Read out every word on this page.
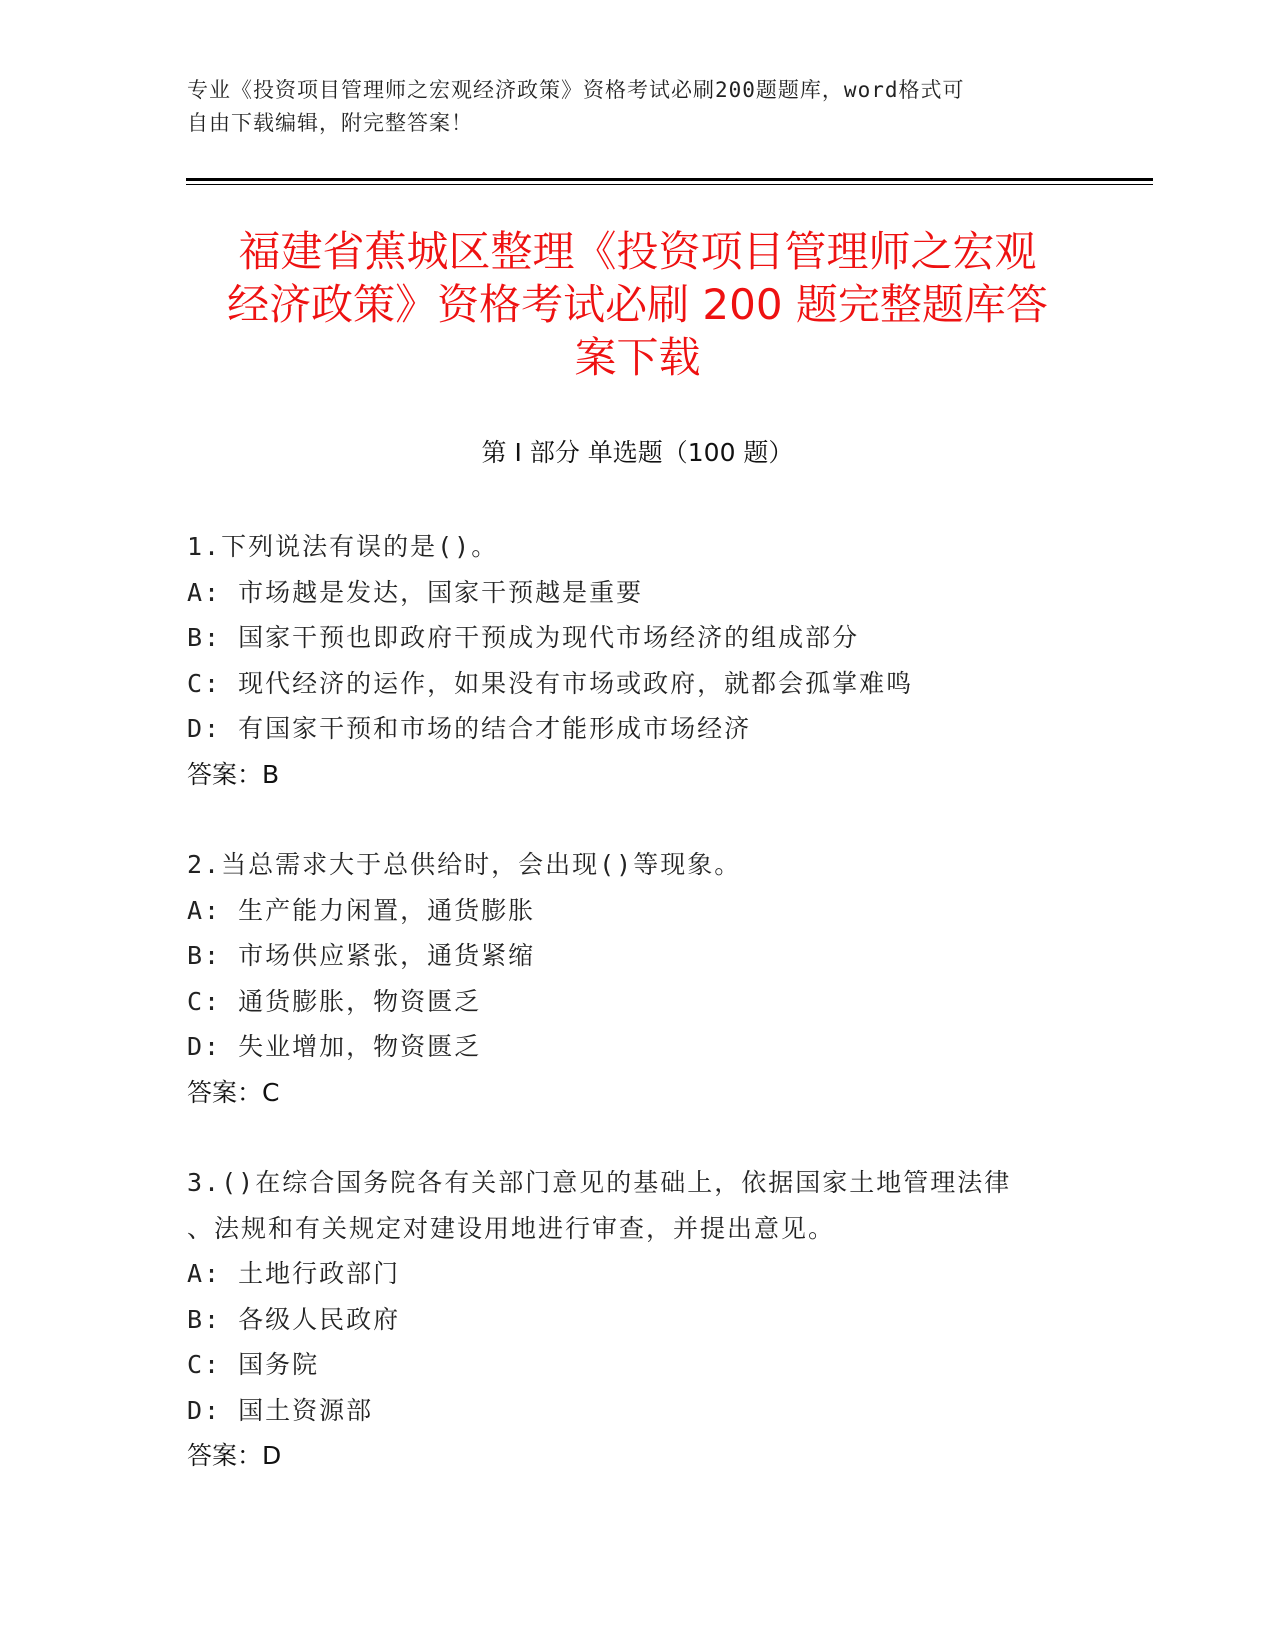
专业《投资项目管理师之宏观经济政策》资格考试必刷200题题库，word格式可
自由下载编辑，附完整答案！
福建省蕉城区整理《投资项目管理师之宏观
经济政策》资格考试必刷 200 题完整题库答
案下载
第 I 部分 单选题（100 题）
1.下列说法有误的是()。
A: 市场越是发达，国家干预越是重要
B: 国家干预也即政府干预成为现代市场经济的组成部分
C: 现代经济的运作，如果没有市场或政府，就都会孤掌难鸣
D: 有国家干预和市场的结合才能形成市场经济
答案：B
2.当总需求大于总供给时，会出现()等现象。
A: 生产能力闲置，通货膨胀
B: 市场供应紧张，通货紧缩
C: 通货膨胀，物资匮乏
D: 失业增加，物资匮乏
答案：C
3.()在综合国务院各有关部门意见的基础上，依据国家土地管理法律
、法规和有关规定对建设用地进行审查，并提出意见。
A: 土地行政部门
B: 各级人民政府
C: 国务院
D: 国土资源部
答案：D
